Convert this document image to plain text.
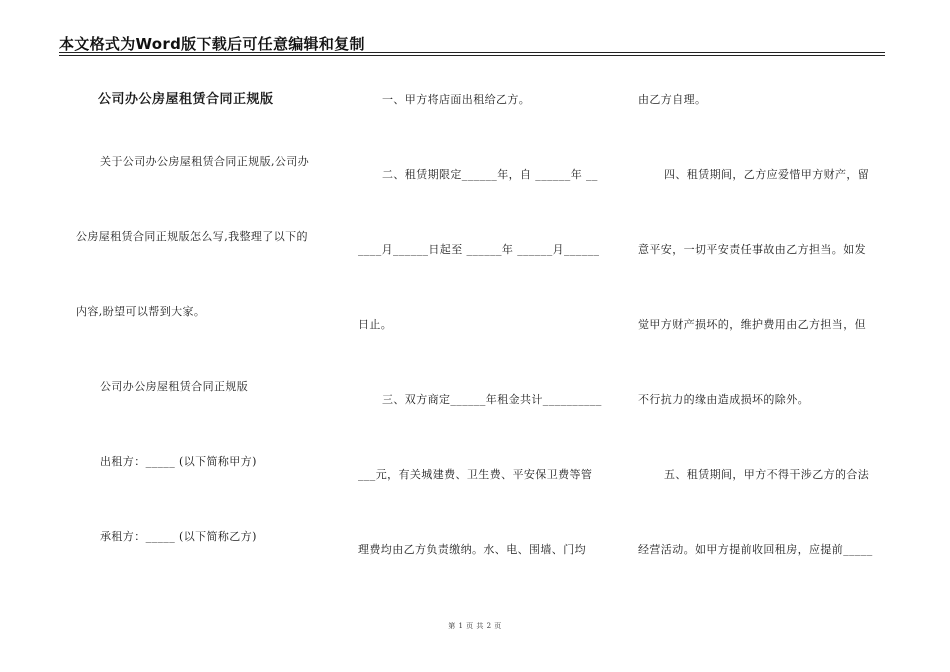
本文格式为Word版下载后可任意编辑和复制
公司办公房屋租赁合同正规版
关于公司办公房屋租赁合同正规版,公司办
公房屋租赁合同正规版怎么写,我整理了以下的
内容,盼望可以帮到大家。
公司办公房屋租赁合同正规版
出租方：_____ (以下简称甲方)
承租方：_____ (以下简称乙方)
一、甲方将店面出租给乙方。
二、租赁期限定______年，自 ______年 __
____月______日起至 ______年 ______月______
日止。
三、双方商定______年租金共计__________
___元，有关城建费、卫生费、平安保卫费等管
理费均由乙方负责缴纳。水、电、围墙、门均
由乙方自理。
四、租赁期间，乙方应爱惜甲方财产，留
意平安，一切平安责任事故由乙方担当。如发
觉甲方财产损坏的，维护费用由乙方担当，但
不行抗力的缘由造成损坏的除外。
五、租赁期间，甲方不得干涉乙方的合法
经营活动。如甲方提前收回租房，应提前_____
第 1 页 共 2 页
